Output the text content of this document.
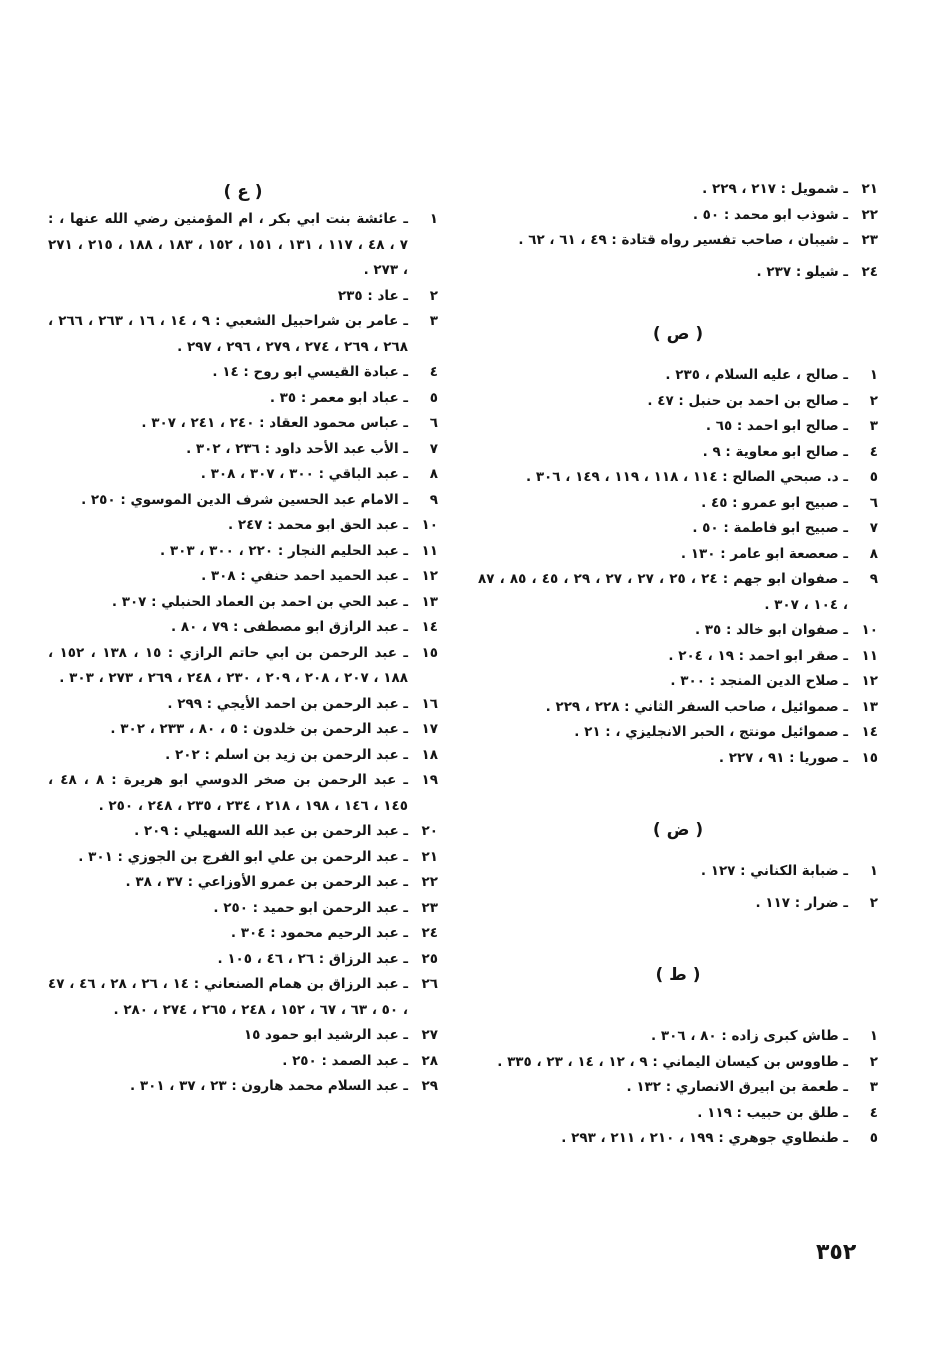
٢١
ـ شمويل : ٢١٧ ، ٢٢٩ .
٢٢
ـ شوذب ابو محمد : ٥٠ .
٢٣
ـ شيبان ، صاحب تفسير رواه قتادة : ٤٩ ، ٦١ ، ٦٢ .
٢٤
ـ شيلو : ٢٣٧ .
( ص )
١
ـ صالح ، عليه السلام ، ٢٣٥ .
٢
ـ صالح بن احمد بن حنبل : ٤٧ .
٣
ـ صالح ابو احمد : ٦٥ .
٤
ـ صالح ابو معاوية : ٩ .
٥
ـ د. صبحي الصالح : ١١٤ ، ١١٨ ، ١١٩ ، ١٤٩ ، ٣٠٦ .
٦
ـ صبيح ابو عمرو : ٤٥ .
٧
ـ صبيح ابو فاطمة : ٥٠ .
٨
ـ صعصعة ابو عامر : ١٣٠ .
٩
ـ صفوان ابو جهم : ٢٤ ، ٢٥ ، ٢٧ ، ٢٧ ، ٢٩ ، ٤٥ ، ٨٥ ، ٨٧ ، ١٠٤ ، ٣٠٧ .
١٠
ـ صفوان ابو خالد : ٣٥ .
١١
ـ صقر ابو احمد : ١٩ ، ٢٠٤ .
١٢
ـ صلاح الدين المنجد : ٣٠٠ .
١٣
ـ صموائيل ، صاحب السفر الثاني : ٢٢٨ ، ٢٢٩ .
١٤
ـ صموائيل مونتج ، الحبر الانجليزي ، : ٢١ .
١٥
ـ صوريا : ٩١ ، ٢٢٧ .
( ض )
١
ـ ضبابة الكناني : ١٢٧ .
٢
ـ ضرار : ١١٧ .
( ط )
١
ـ طاش كبرى زاده : ٨٠ ، ٣٠٦ .
٢
ـ طاووس بن كيسان اليماني : ٩ ، ١٢ ، ١٤ ، ٢٣ ، ٣٣٥ .
٣
ـ طعمة بن ابيرق الانصاري : ١٣٢ .
٤
ـ طلق بن حبيب : ١١٩ .
٥
ـ طنطاوي جوهري : ١٩٩ ، ٢١٠ ، ٢١١ ، ٢٩٣ .
( ع )
١
ـ عائشة بنت ابي بكر ، ام المؤمنين رضي الله عنها ، : ٧ ، ٤٨ ، ١١٧ ، ١٣١ ، ١٥١ ، ١٥٢ ، ١٨٣ ، ١٨٨ ، ٢١٥ ، ٢٧١ ، ٢٧٣ .
٢
ـ عاد : ٢٣٥
٣
ـ عامر بن شراحبيل الشعبي : ٩ ، ١٤ ، ١٦ ، ٢٦٣ ، ٢٦٦ ، ٢٦٨ ، ٢٦٩ ، ٢٧٤ ، ٢٧٩ ، ٢٩٦ ، ٢٩٧ .
٤
ـ عبادة القيسي ابو روح : ١٤ .
٥
ـ عباد ابو معمر : ٣٥ .
٦
ـ عباس محمود العقاد : ٢٤٠ ، ٢٤١ ، ٣٠٧ .
٧
ـ الأب عبد الأحد داود : ٢٣٦ ، ٣٠٢ .
٨
ـ عبد الباقي : ٣٠٠ ، ٣٠٧ ، ٣٠٨ .
٩
ـ الامام عبد الحسين شرف الدين الموسوي : ٢٥٠ .
١٠
ـ عبد الحق ابو محمد : ٢٤٧ .
١١
ـ عبد الحليم النجار : ٢٢٠ ، ٣٠٠ ، ٣٠٣ .
١٢
ـ عبد الحميد احمد حنفي : ٣٠٨ .
١٣
ـ عبد الحي بن احمد بن العماد الحنبلي : ٣٠٧ .
١٤
ـ عبد الرازق ابو مصطفى : ٧٩ ، ٨٠ .
١٥
ـ عبد الرحمن بن ابي حاتم الرازي : ١٥ ، ١٣٨ ، ١٥٢ ، ١٨٨ ، ٢٠٧ ، ٢٠٨ ، ٢٠٩ ، ٢٣٠ ، ٢٤٨ ، ٢٦٩ ، ٢٧٣ ، ٣٠٣ .
١٦
ـ عبد الرحمن بن احمد الأيجي : ٢٩٩ .
١٧
ـ عبد الرحمن بن خلدون : ٥ ، ٨٠ ، ٢٣٣ ، ٣٠٢ .
١٨
ـ عبد الرحمن بن زيد بن اسلم : ٢٠٢ .
١٩
ـ عبد الرحمن بن صخر الدوسي ابو هريرة : ٨ ، ٤٨ ، ١٤٥ ، ١٤٦ ، ١٩٨ ، ٢١٨ ، ٢٣٤ ، ٢٣٥ ، ٢٤٨ ، ٢٥٠ .
٢٠
ـ عبد الرحمن بن عبد الله السهيلي : ٢٠٩ .
٢١
ـ عبد الرحمن بن علي ابو الفرج بن الجوزي : ٣٠١ .
٢٢
ـ عبد الرحمن بن عمرو الأوزاعي : ٣٧ ، ٣٨ .
٢٣
ـ عبد الرحمن ابو حميد : ٢٥٠ .
٢٤
ـ عبد الرحيم محمود : ٣٠٤ .
٢٥
ـ عبد الرزاق : ٢٦ ، ٤٦ ، ١٠٥ .
٢٦
ـ عبد الرزاق بن همام الصنعاني : ١٤ ، ٢٦ ، ٢٨ ، ٤٦ ، ٤٧ ، ٥٠ ، ٦٣ ، ٦٧ ، ١٥٢ ، ٢٤٨ ، ٢٦٥ ، ٢٧٤ ، ٢٨٠ .
٢٧
ـ عبد الرشيد ابو حمود ١٥
٢٨
ـ عبد الصمد : ٢٥٠ .
٢٩
ـ عبد السلام محمد هارون : ٢٣ ، ٣٧ ، ٣٠١ .
٣٥٢
